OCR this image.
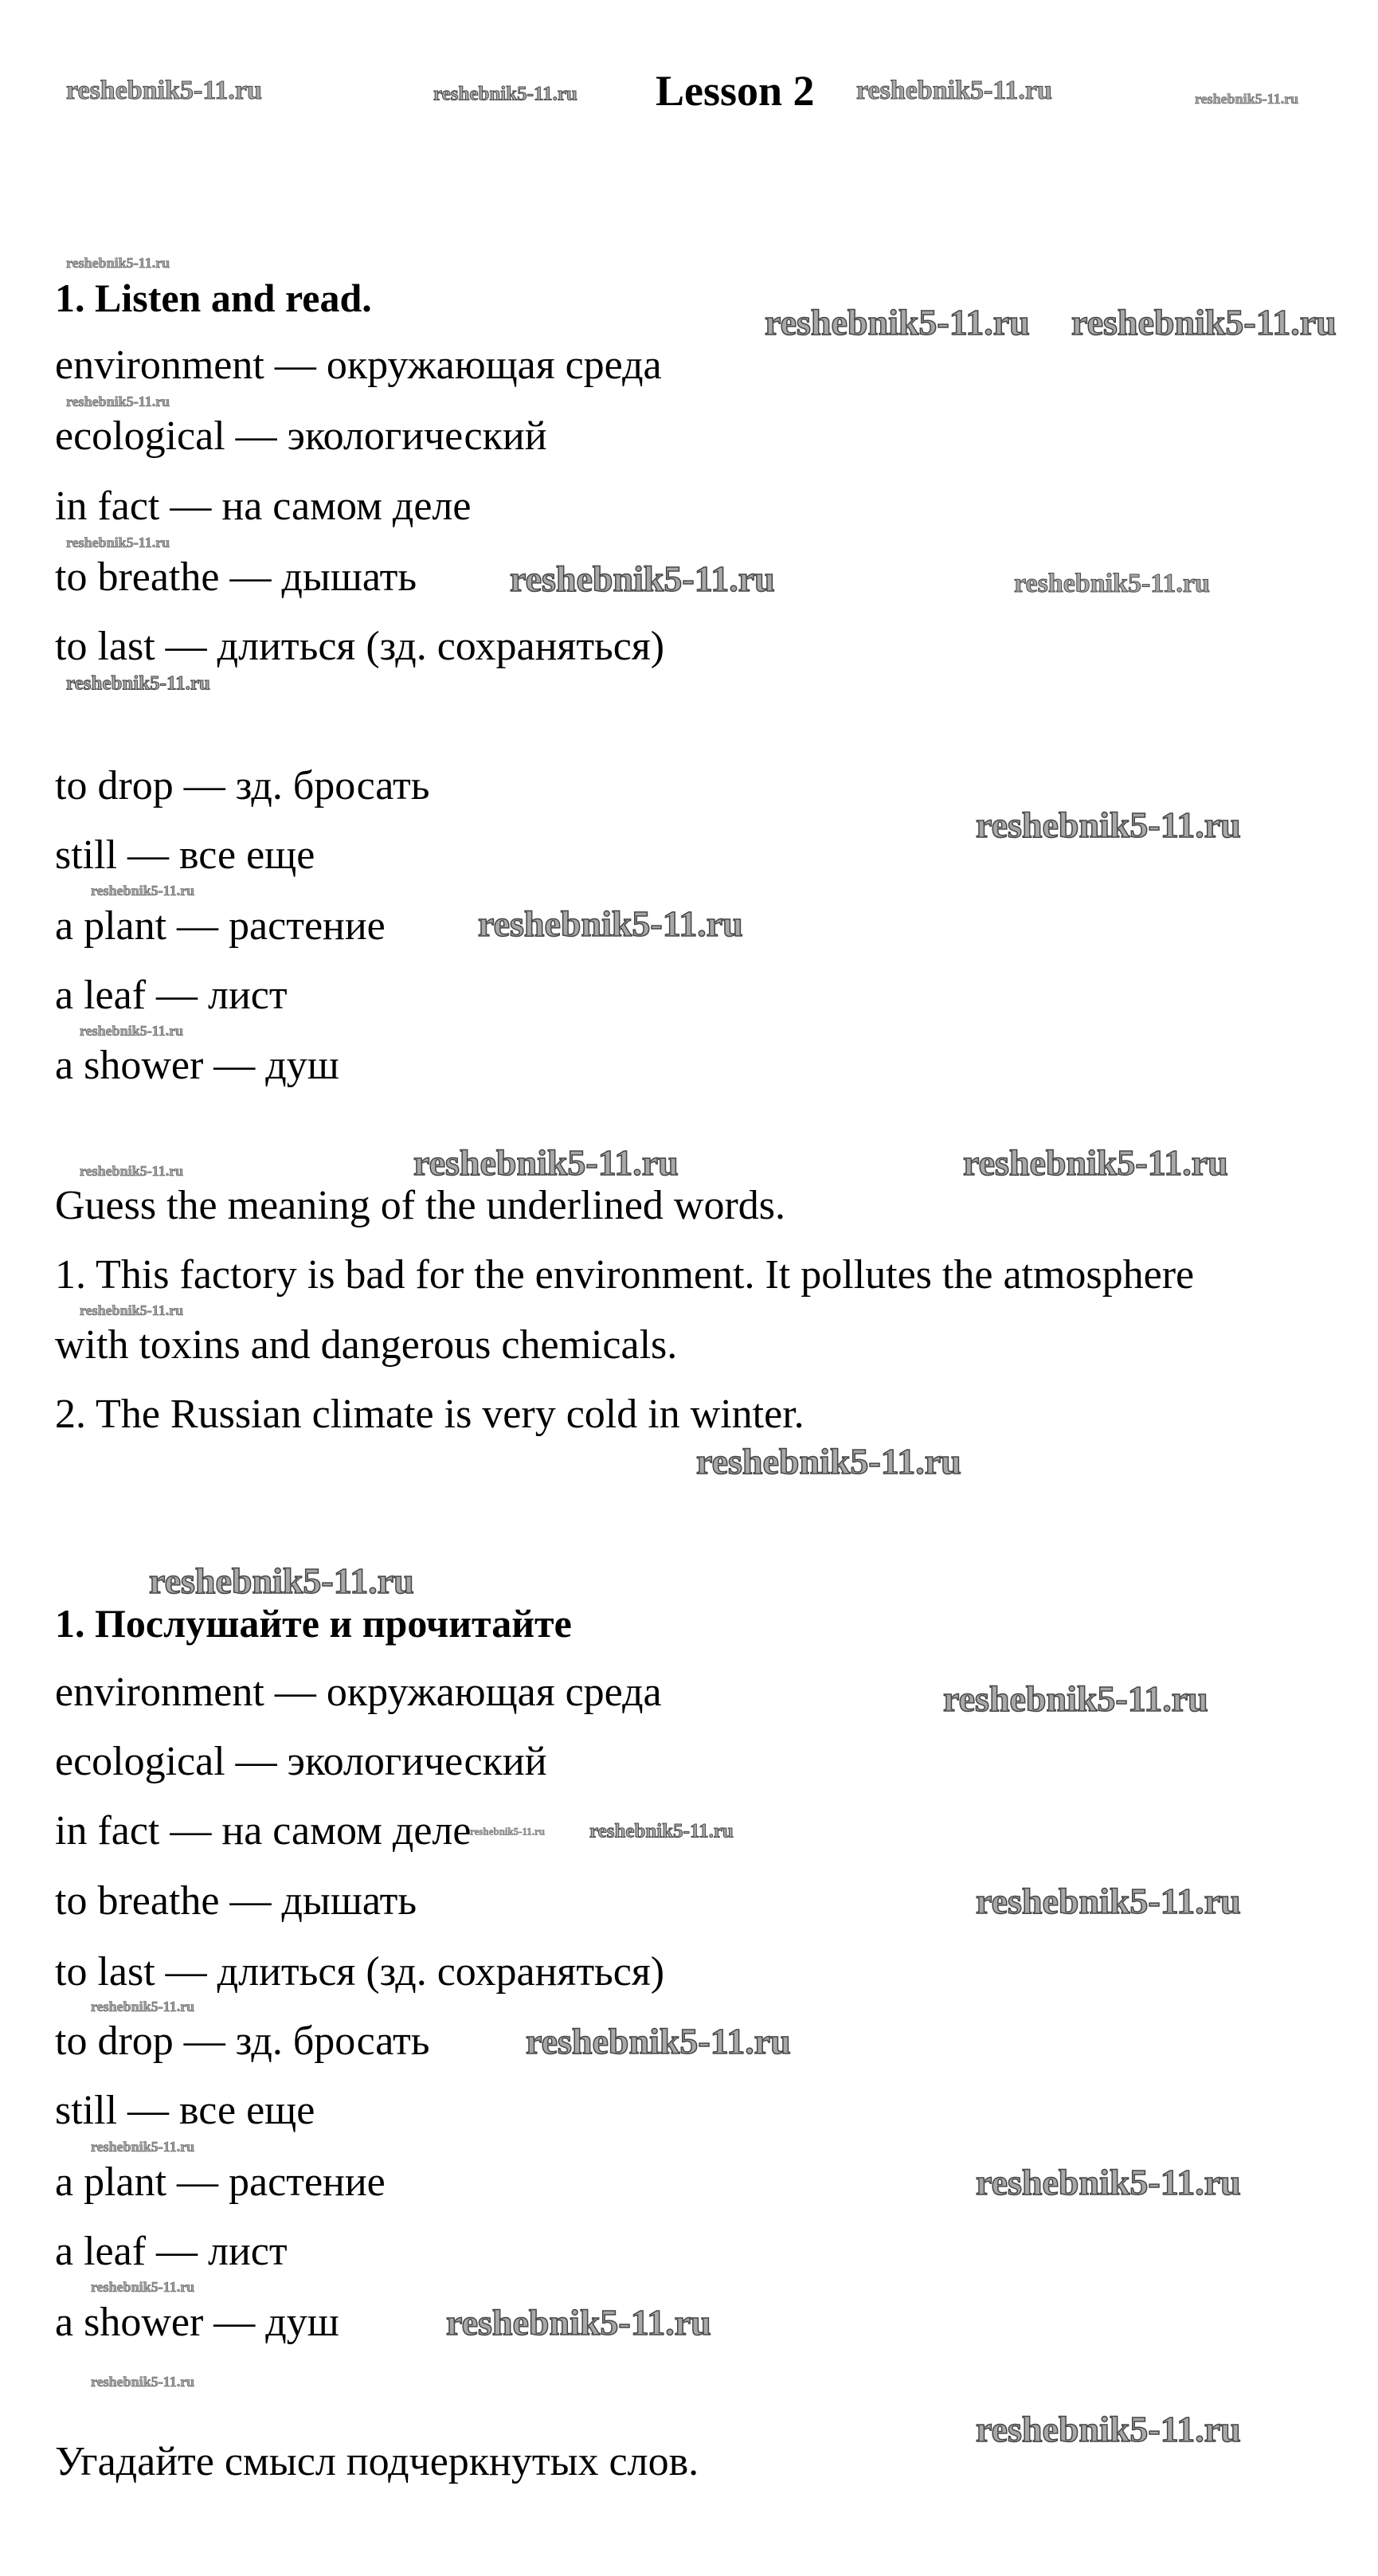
Lesson 2
1. Listen and read.
environment — окружающая среда
ecological — экологический
in fact — на самом деле
to breathe — дышать
to last — длиться (зд. сохраняться)
to drop — зд. бросать
still — все еще
a plant — растение
a leaf — лист
a shower — душ
Guess the meaning of the underlined words.
1. This factory is bad for the environment. It pollutes the atmosphere
with toxins and dangerous chemicals.
2. The Russian climate is very cold in winter.
1. Послушайте и прочитайте
environment — окружающая среда
ecological — экологический
in fact — на самом деле
to breathe — дышать
to last — длиться (зд. сохраняться)
to drop — зд. бросать
still — все еще
a plant — растение
a leaf — лист
a shower — душ
Угадайте смысл подчеркнутых слов.
reshebnik5-11.ru	reshebnik5-11.ru	reshebnik5-11.ru	reshebnik5-11.ru
reshebnik5-11.ru
reshebnik5-11.ru reshebnik5-11.ru
reshebnik5-11.ru
reshebnik5-11.ru
reshebnik5-11.ru	reshebnik5-11.ru
reshebnik5-11.ru
reshebnik5-11.ru
reshebnik5-11.ru
reshebnik5-11.ru
reshebnik5-11.ru
reshebnik5-11.ru	reshebnik5-11.ru	reshebnik5-11.ru
reshebnik5-11.ru
reshebnik5-11.ru
reshebnik5-11.ru
reshebnik5-11.ru
reshebnik5-11.ru reshebnik5-11.ru
reshebnik5-11.ru
reshebnik5-11.ru
reshebnik5-11.ru
reshebnik5-11.ru
reshebnik5-11.ru
reshebnik5-11.ru
reshebnik5-11.ru
reshebnik5-11.ru
reshebnik5-11.ru
